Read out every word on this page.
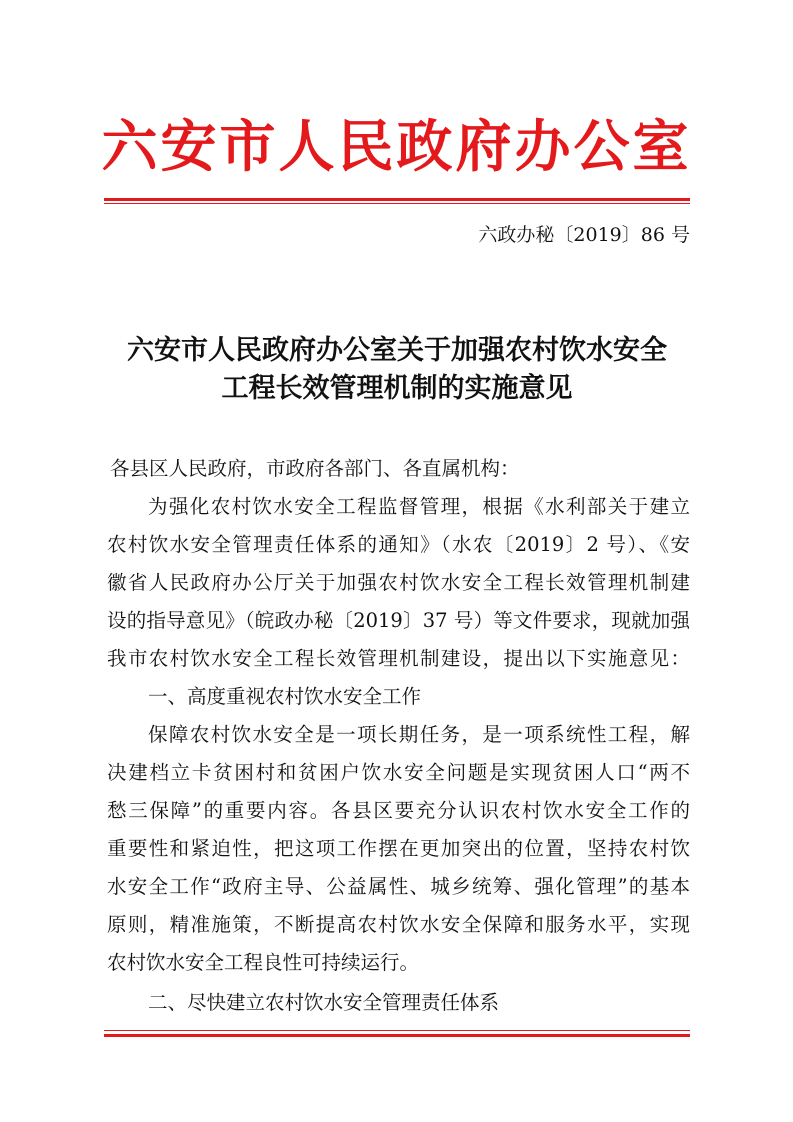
六安市人民政府办公室
六政办秘〔2019〕86 号
六安市人民政府办公室关于加强农村饮水安全
工程长效管理机制的实施意见
各县区人民政府，市政府各部门、各直属机构：
为强化农村饮水安全工程监督管理，根据《水利部关于建立
农村饮水安全管理责任体系的通知》（水农〔2019〕2 号）、《安
徽省人民政府办公厅关于加强农村饮水安全工程长效管理机制建
设的指导意见》（皖政办秘〔2019〕37 号）等文件要求，现就加强
我市农村饮水安全工程长效管理机制建设，提出以下实施意见：
一、高度重视农村饮水安全工作
保障农村饮水安全是一项长期任务，是一项系统性工程，解
决建档立卡贫困村和贫困户饮水安全问题是实现贫困人口“两不
愁三保障”的重要内容。各县区要充分认识农村饮水安全工作的
重要性和紧迫性，把这项工作摆在更加突出的位置，坚持农村饮
水安全工作“政府主导、公益属性、城乡统筹、强化管理”的基本
原则，精准施策，不断提高农村饮水安全保障和服务水平，实现
农村饮水安全工程良性可持续运行。
二、尽快建立农村饮水安全管理责任体系
